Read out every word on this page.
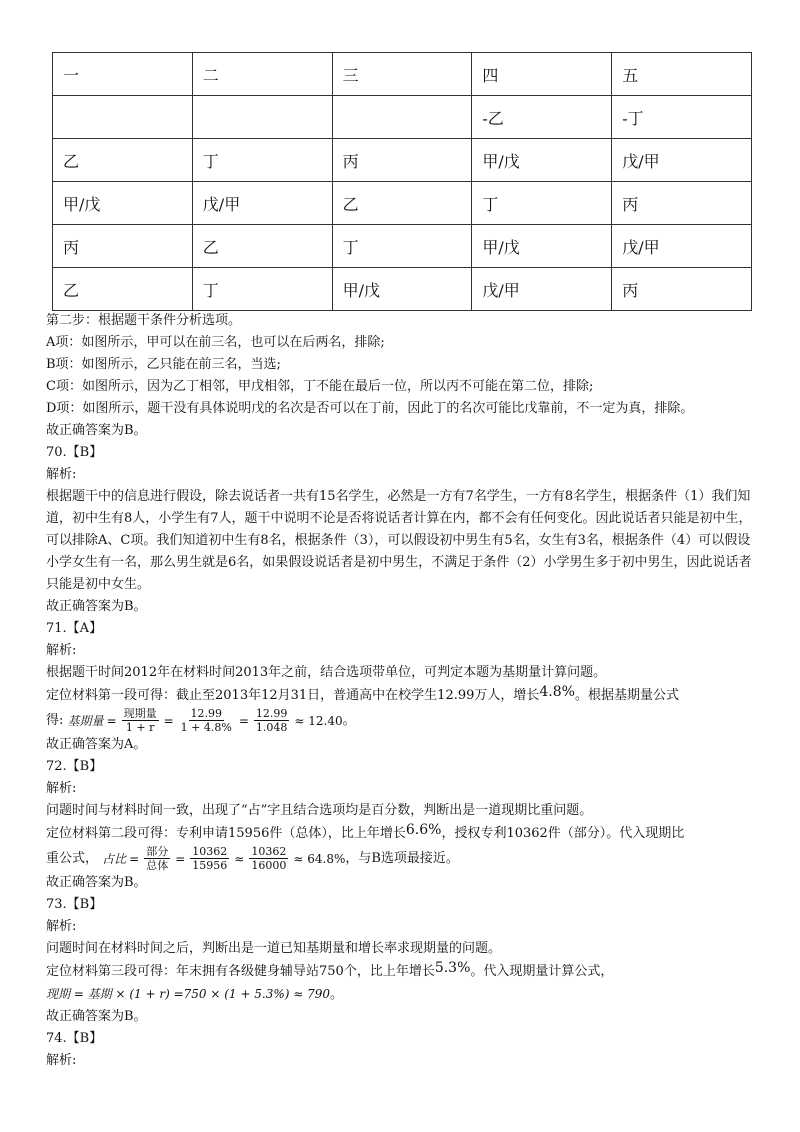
一	二	三	四	五
			-乙	-丁
乙	丁	丙	甲/戊	戊/甲
甲/戊	戊/甲	乙	丁	丙
丙	乙	丁	甲/戊	戊/甲
乙	丁	甲/戊	戊/甲	丙

第二步：根据题干条件分析选项。

A项：如图所示，甲可以在前三名，也可以在后两名，排除;

B项：如图所示，乙只能在前三名，当选;

C项：如图所示，因为乙丁相邻，甲戊相邻，丁不能在最后一位，所以丙不可能在第二位，排除;

D项：如图所示，题干没有具体说明戊的名次是否可以在丁前，因此丁的名次可能比戊靠前，不一定为真，排除。

故正确答案为B。

70.【B】

解析:

根据题干中的信息进行假设，除去说话者一共有15名学生，必然是一方有7名学生，一方有8名学生，根据条件（1）我们知道，初中生有8人，小学生有7人，题干中说明不论是否将说话者计算在内，都不会有任何变化。因此说话者只能是初中生，可以排除A、C项。我们知道初中生有8名，根据条件（3），可以假设初中男生有5名，女生有3名，根据条件（4）可以假设小学女生有一名，那么男生就是6名，如果假设说话者是初中男生，不满足于条件（2）小学男生多于初中男生，因此说话者只能是初中女生。

故正确答案为B。

71.【A】

解析:

根据题干时间2012年在材料时间2013年之前，结合选项带单位，可判定本题为基期量计算问题。

定位材料第一段可得：截止至2013年12月31日，普通高中在校学生12.99万人，增长4.8%。根据基期量公式

得: 基期量 = $\frac{\text{现期量}}{1 + r} = \frac{12.99}{1 + 4.8\%} = \frac{12.99}{1.048} \approx 12.40$ 。

故正确答案为A。

72.【B】

解析:

问题时间与材料时间一致，出现了“占”字且结合选项均是百分数，判断出是一道现期比重问题。

定位材料第二段可得：专利申请15956件（总体），比上年增长6.6%，授权专利10362件（部分）。代入现期比

重公式， 占比 = $\frac{\text{部分}}{\text{总体}} = \frac{10362}{15956} \approx \frac{10362}{16000} \approx 64.8\%$ ，与B选项最接近。

故正确答案为B。

73.【B】

解析:

问题时间在材料时间之后，判断出是一道已知基期量和增长率求现期量的问题。

定位材料第三段可得：年末拥有各级健身辅导站750个，比上年增长5.3%。代入现期量计算公式，

现期 = 基期 × (1 + r) =750 × (1 + 5.3%) ≈ 790。

故正确答案为B。

74.【B】

解析:
